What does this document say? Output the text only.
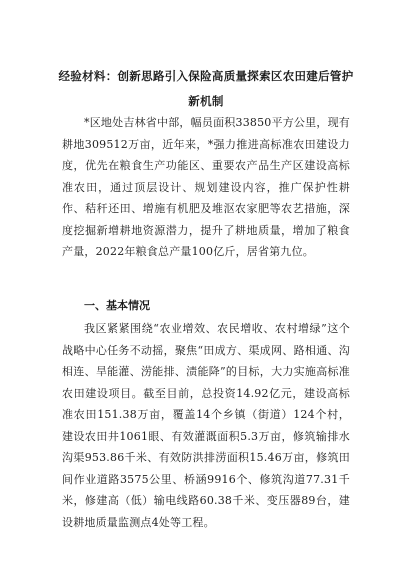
经验材料：创新思路引入保险高质量探索区农田建后管护新机制

*区地处吉林省中部，幅员面积33850平方公里，现有耕地309512万亩，近年来，*强力推进高标准农田建设力度，优先在粮食生产功能区、重要农产品生产区建设高标准农田，通过顶层设计、规划建设内容，推广保护性耕作、秸秆还田、增施有机肥及堆沤农家肥等农艺措施，深度挖掘新增耕地资源潜力，提升了耕地质量，增加了粮食产量，2022年粮食总产量100亿斤，居省第九位。

一、基本情况

我区紧紧围绕“农业增效、农民增收、农村增绿”这个战略中心任务不动摇，聚焦“田成方、渠成网、路相通、沟相连、旱能灌、涝能排、渍能降”的目标，大力实施高标准农田建设项目。截至目前，总投资14.92亿元，建设高标准农田151.38万亩，覆盖14个乡镇（街道）124个村，建设农田井1061眼、有效灌溉面积5.3万亩，修筑输排水沟渠953.86千米、有效防洪排涝面积15.46万亩，修筑田间作业道路3575公里、桥涵9916个、修筑沟道77.31千米，修建高（低）输电线路60.38千米、变压器89台，建设耕地质量监测点4处等工程。
